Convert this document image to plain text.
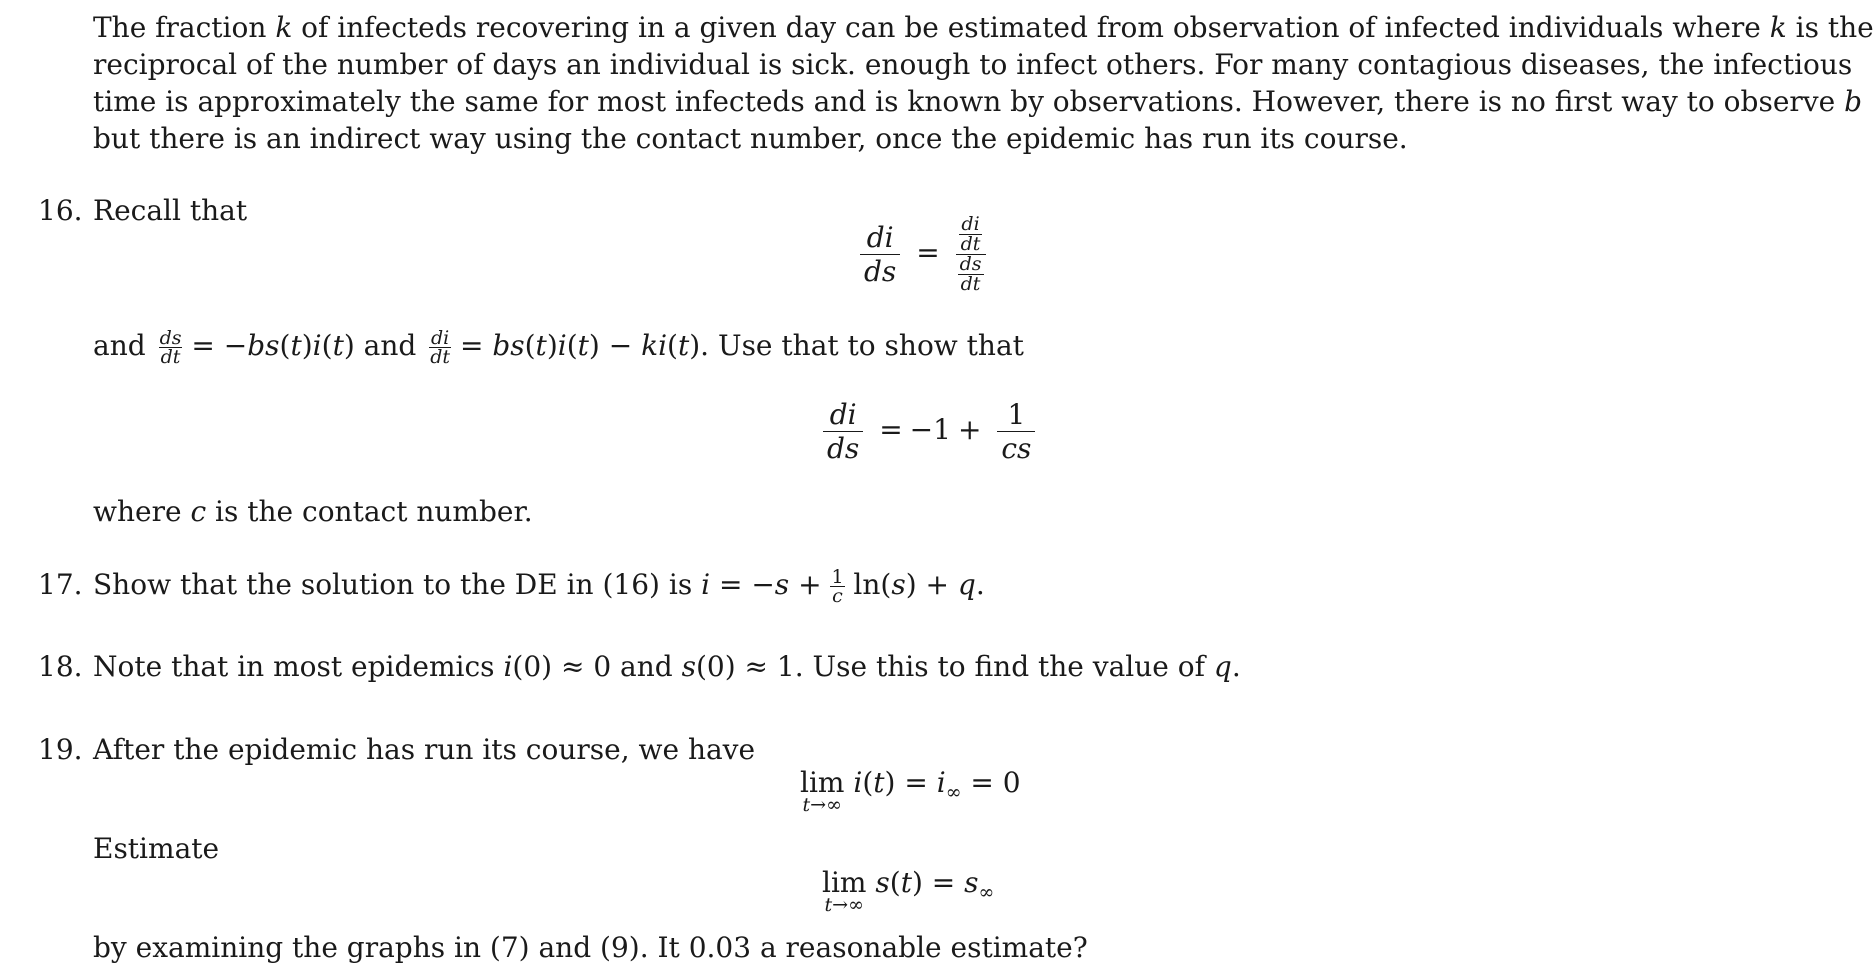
The fraction k of infecteds recovering in a given day can be estimated from observation of infected individuals where k is the
reciprocal of the number of days an individual is sick. enough to infect others. For many contagious diseases, the infectious
time is approximately the same for most infecteds and is known by observations. However, there is no first way to observe b
but there is an indirect way using the contact number, once the epidemic has run its course.
16. Recall that
$\frac{di}{ds} = \frac{\frac{di}{dt}}{\frac{ds}{dt}}$
and $\frac{ds}{dt} = -bs(t)i(t)$ and $\frac{di}{dt} = bs(t)i(t) - ki(t)$. Use that to show that
$\frac{di}{ds} = -1 + \frac{1}{cs}$
where c is the contact number.
17. Show that the solution to the DE in (16) is $i = -s + \frac{1}{c} \ln(s) + q$.
18. Note that in most epidemics i(0) ≈ 0 and s(0) ≈ 1. Use this to find the value of q.
19. After the epidemic has run its course, we have
lim
t→∞
$i(t) = i_\infty = 0$
Estimate
lim
t→∞
$s(t) = s_\infty$
by examining the graphs in (7) and (9). It 0.03 a reasonable estimate?
